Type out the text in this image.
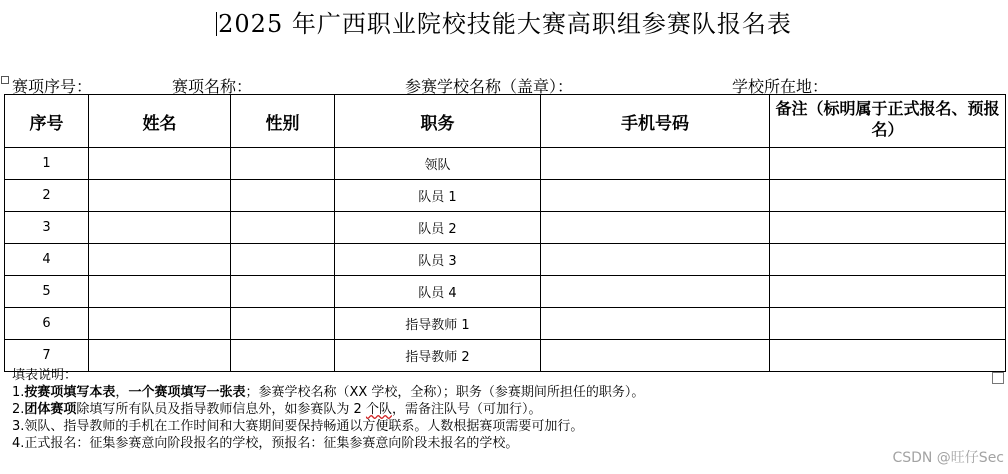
2025 年广西职业院校技能大赛高职组参赛队报名表
赛项序号：	赛项名称：	参赛学校名称（盖章）：	学校所在地：
序号	姓名	性别	职务	手机号码	备注（标明属于正式报名、预报名）
1			领队		
2			队员 1		
3			队员 2		
4			队员 3		
5			队员 4		
6			指导教师 1		
7			指导教师 2		
填表说明：
1.按赛项填写本表，一个赛项填写一张表；参赛学校名称（XX 学校，全称）；职务（参赛期间所担任的职务）。
2.团体赛项除填写所有队员及指导教师信息外，如参赛队为 2 个队，需备注队号（可加行）。
3.领队、指导教师的手机在工作时间和大赛期间要保持畅通以方便联系。人数根据赛项需要可加行。
4.正式报名：征集参赛意向阶段报名的学校，预报名：征集参赛意向阶段未报名的学校。
CSDN @旺仔Sec
